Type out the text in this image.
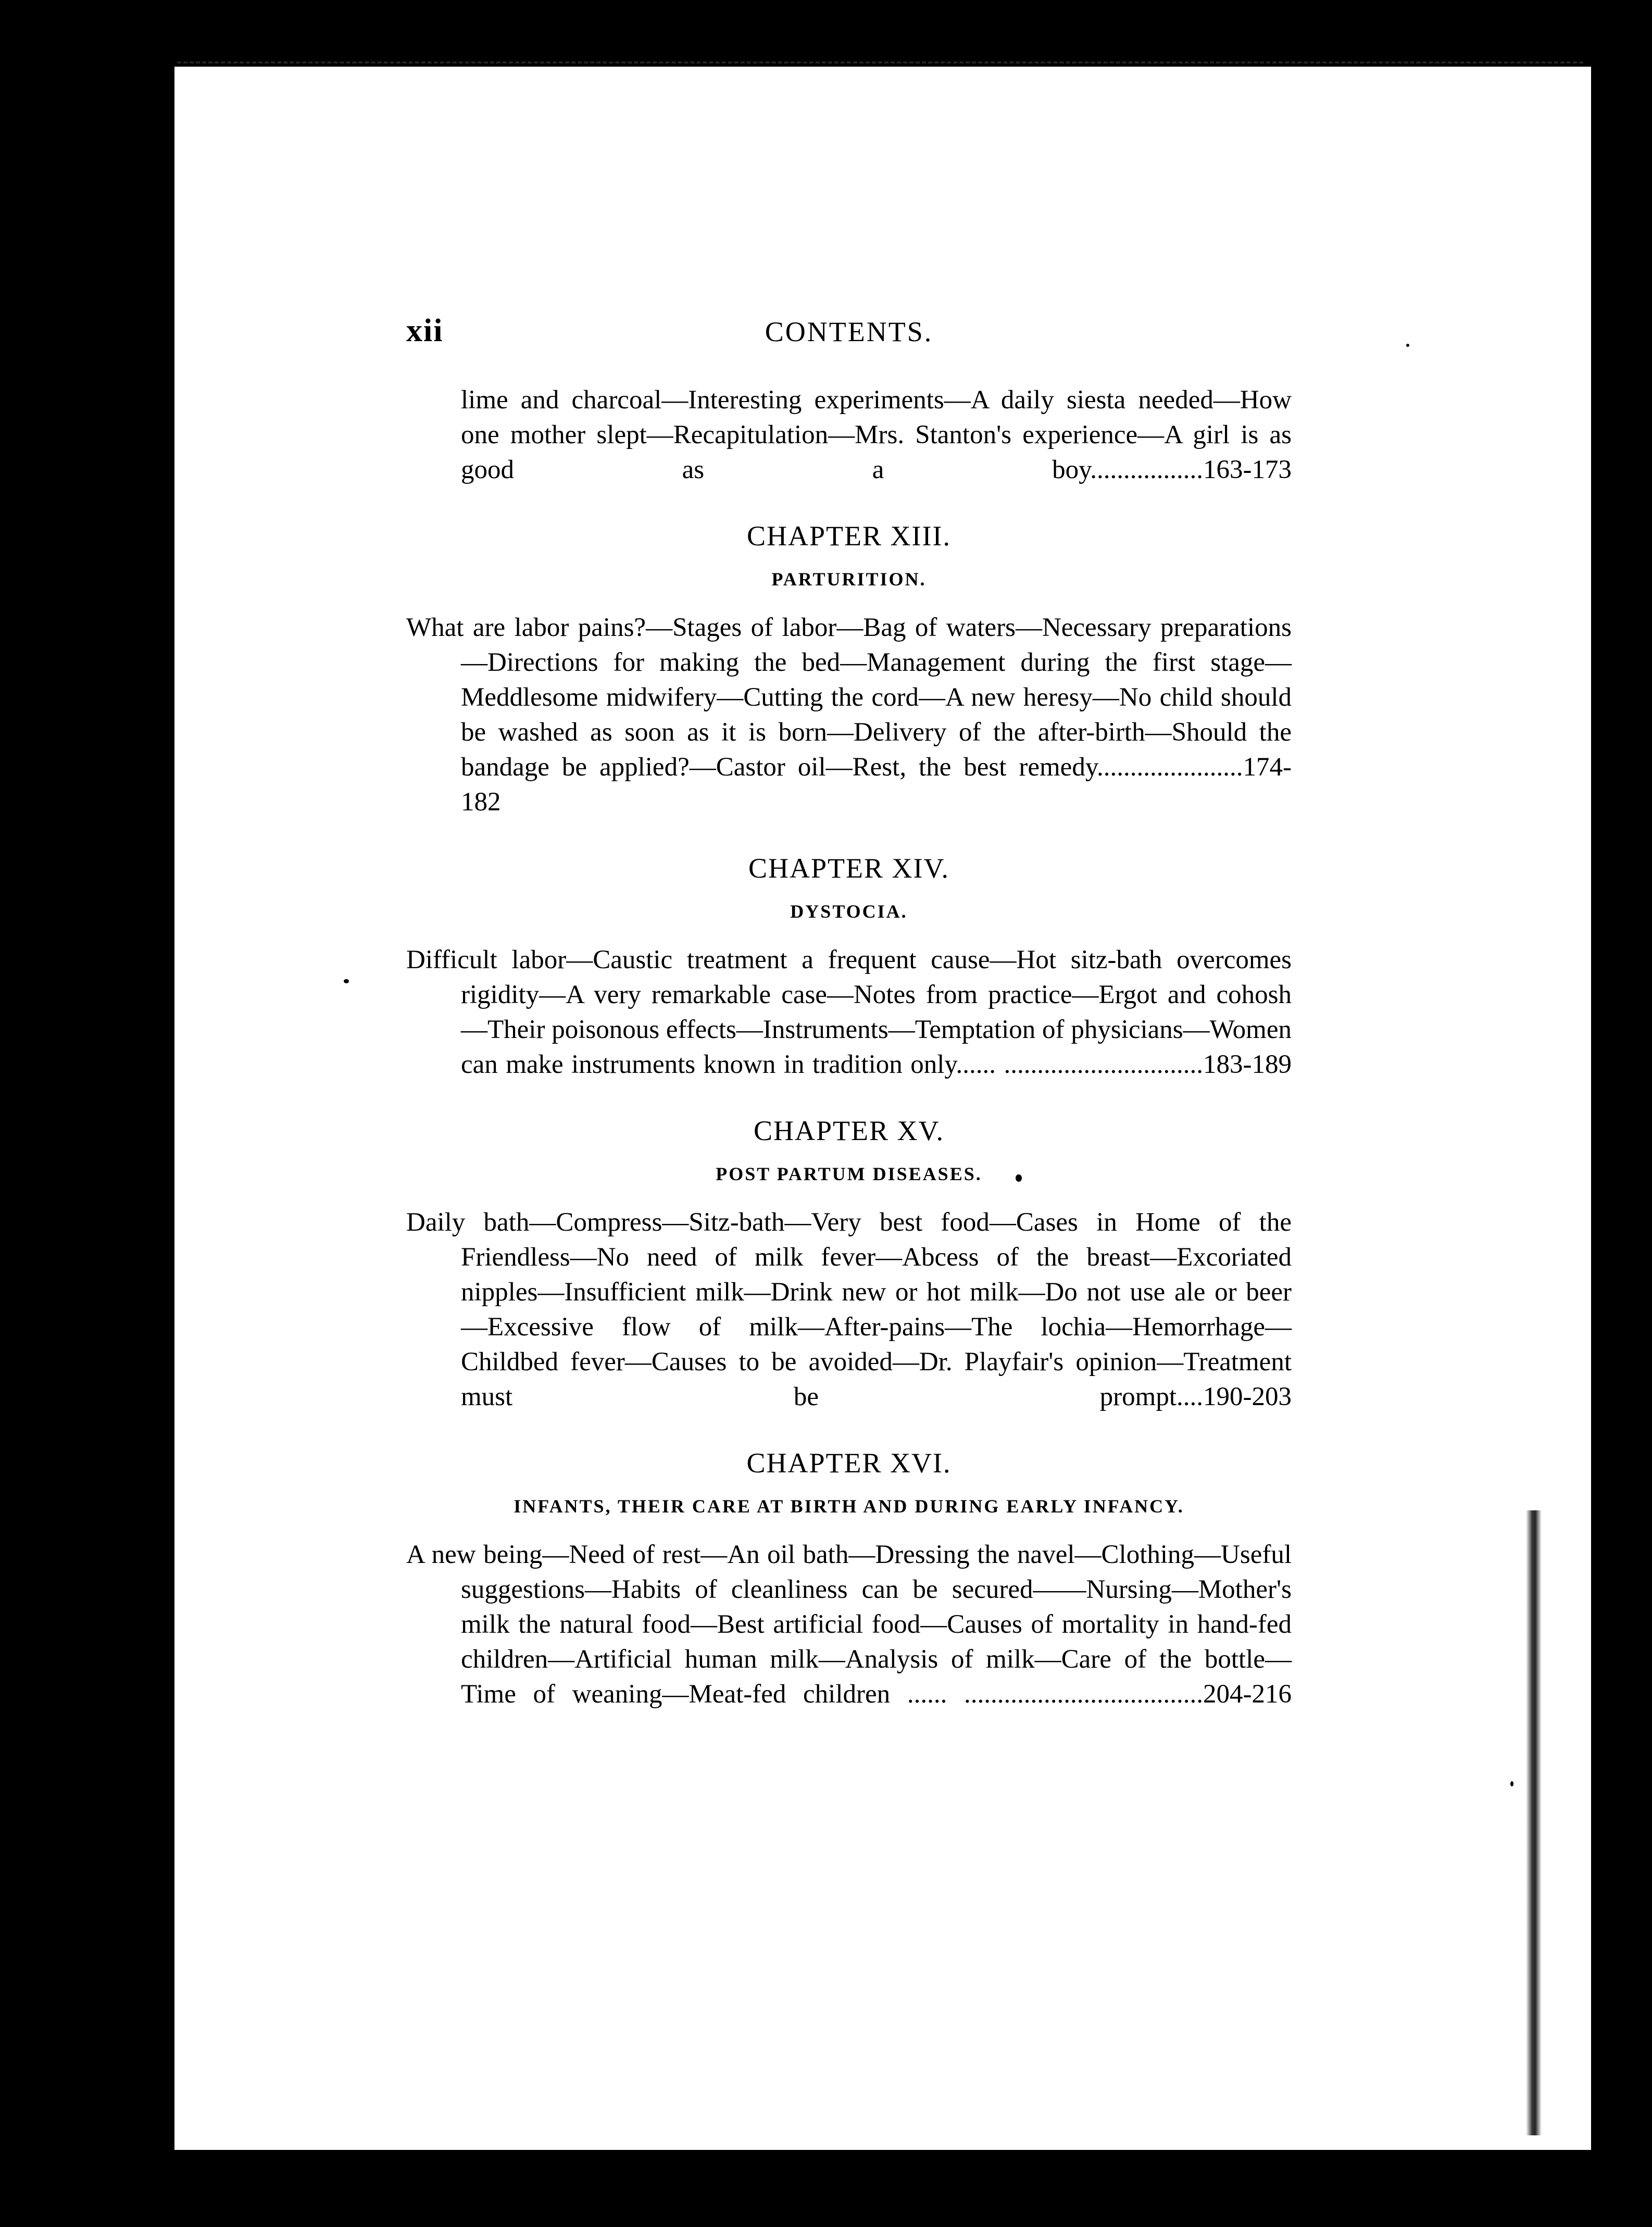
xii	CONTENTS.

lime and charcoal—Interesting experiments—A daily siesta needed—How one mother slept—Recapitulation—Mrs. Stanton's experience—A girl is as good as a boy.................163-173

CHAPTER XIII.
PARTURITION.

What are labor pains?—Stages of labor—Bag of waters—Necessary preparations—Directions for making the bed—Management during the first stage—Meddlesome midwifery—Cutting the cord—A new heresy—No child should be washed as soon as it is born—Delivery of the after-birth—Should the bandage be applied?—Castor oil—Rest, the best remedy......................174-182

CHAPTER XIV.
DYSTOCIA.

Difficult labor—Caustic treatment a frequent cause—Hot sitz-bath overcomes rigidity—A very remarkable case—Notes from practice—Ergot and cohosh—Their poisonous effects—Instruments—Temptation of physicians—Women can make instruments known in tradition only...... ..............................183-189

CHAPTER XV.
POST PARTUM DISEASES.

Daily bath—Compress—Sitz-bath—Very best food—Cases in Home of the Friendless—No need of milk fever—Abcess of the breast—Excoriated nipples—Insufficient milk—Drink new or hot milk—Do not use ale or beer—Excessive flow of milk—After-pains—The lochia—Hemorrhage—Childbed fever—Causes to be avoided—Dr. Playfair's opinion—Treatment must be prompt....190-203

CHAPTER XVI.
INFANTS, THEIR CARE AT BIRTH AND DURING EARLY INFANCY.

A new being—Need of rest—An oil bath—Dressing the navel—Clothing—Useful suggestions—Habits of cleanliness can be secured——Nursing—Mother's milk the natural food—Best artificial food—Causes of mortality in hand-fed children—Artificial human milk—Analysis of milk—Care of the bottle—Time of weaning—Meat-fed children ...... ....................................204-216
